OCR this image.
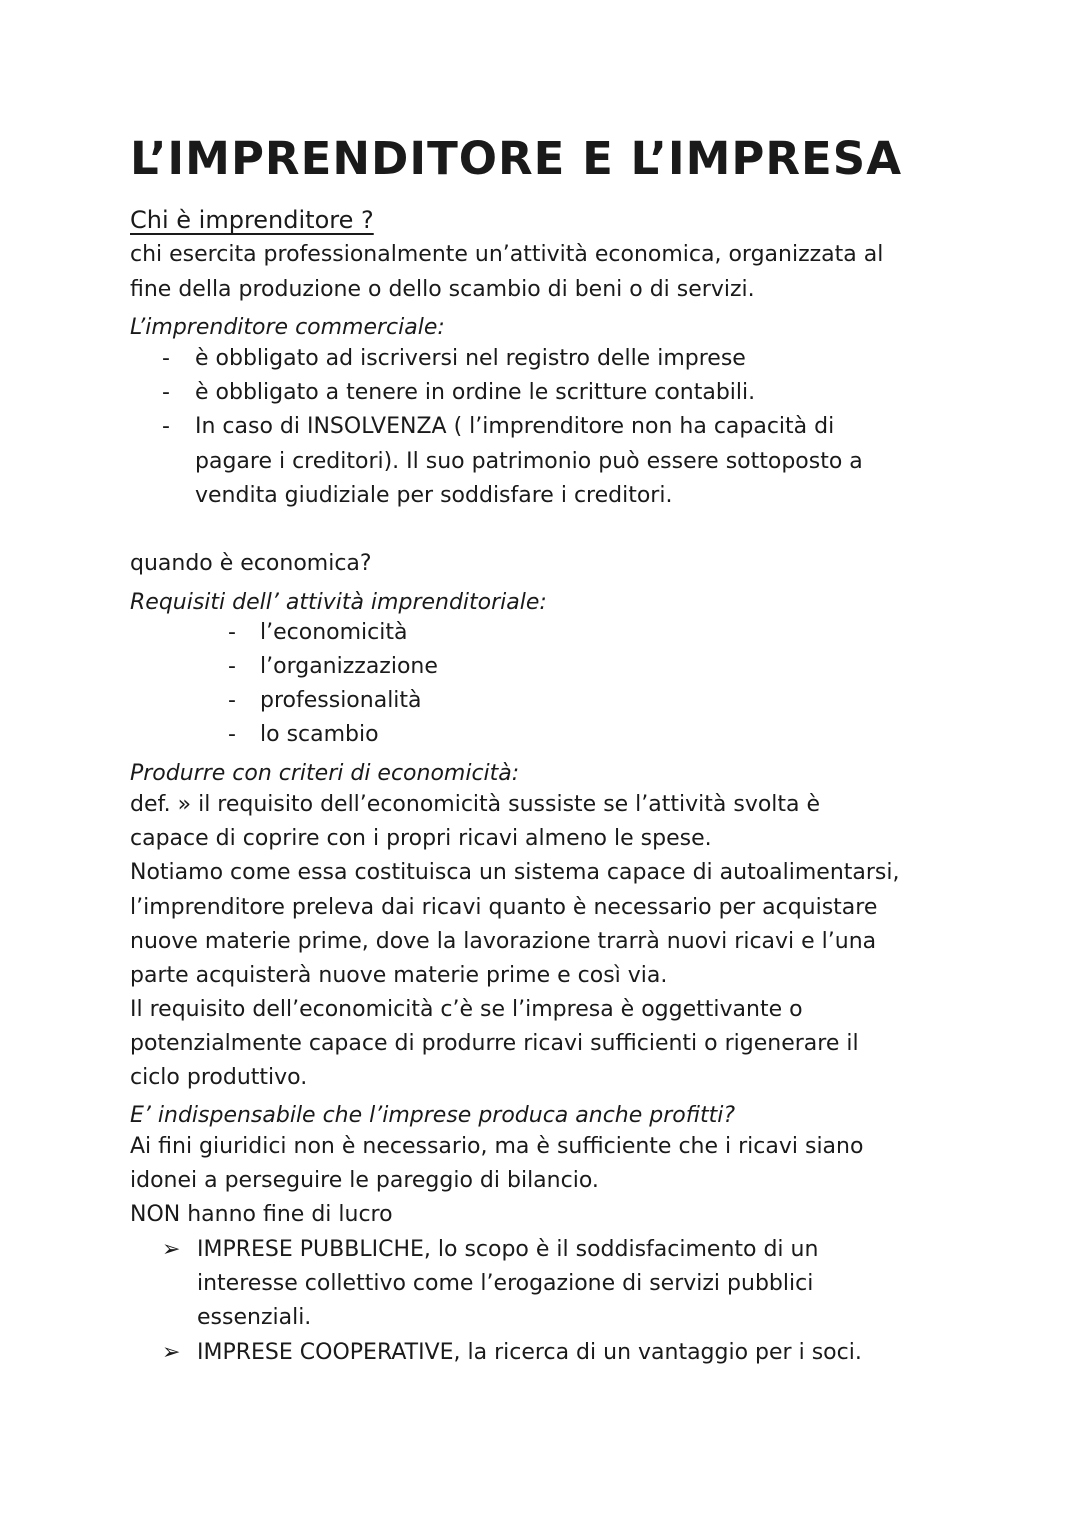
L’IMPRENDITORE E L’IMPRESA
Chi è imprenditore ?
chi esercita professionalmente un’attività economica, organizzata al
fine della produzione o dello scambio di beni o di servizi.
L’imprenditore commerciale:
- è obbligato ad iscriversi nel registro delle imprese
- è obbligato a tenere in ordine le scritture contabili.
- In caso di INSOLVENZA ( l’imprenditore non ha capacità di
pagare i creditori). Il suo patrimonio può essere sottoposto a
vendita giudiziale per soddisfare i creditori.
quando è economica?
Requisiti dell’ attività imprenditoriale:
- l’economicità
- l’organizzazione
- professionalità
- lo scambio
Produrre con criteri di economicità:
def. » il requisito dell’economicità sussiste se l’attività svolta è
capace di coprire con i propri ricavi almeno le spese.
Notiamo come essa costituisca un sistema capace di autoalimentarsi,
l’imprenditore preleva dai ricavi quanto è necessario per acquistare
nuove materie prime, dove la lavorazione trarrà nuovi ricavi e l’una
parte acquisterà nuove materie prime e così via.
Il requisito dell’economicità c’è se l’impresa è oggettivante o
potenzialmente capace di produrre ricavi sufficienti o rigenerare il
ciclo produttivo.
E’ indispensabile che l’imprese produca anche profitti?
Ai fini giuridici non è necessario, ma è sufficiente che i ricavi siano
idonei a perseguire le pareggio di bilancio.
NON hanno fine di lucro
➢ IMPRESE PUBBLICHE, lo scopo è il soddisfacimento di un
interesse collettivo come l’erogazione di servizi pubblici
essenziali.
➢ IMPRESE COOPERATIVE, la ricerca di un vantaggio per i soci.
